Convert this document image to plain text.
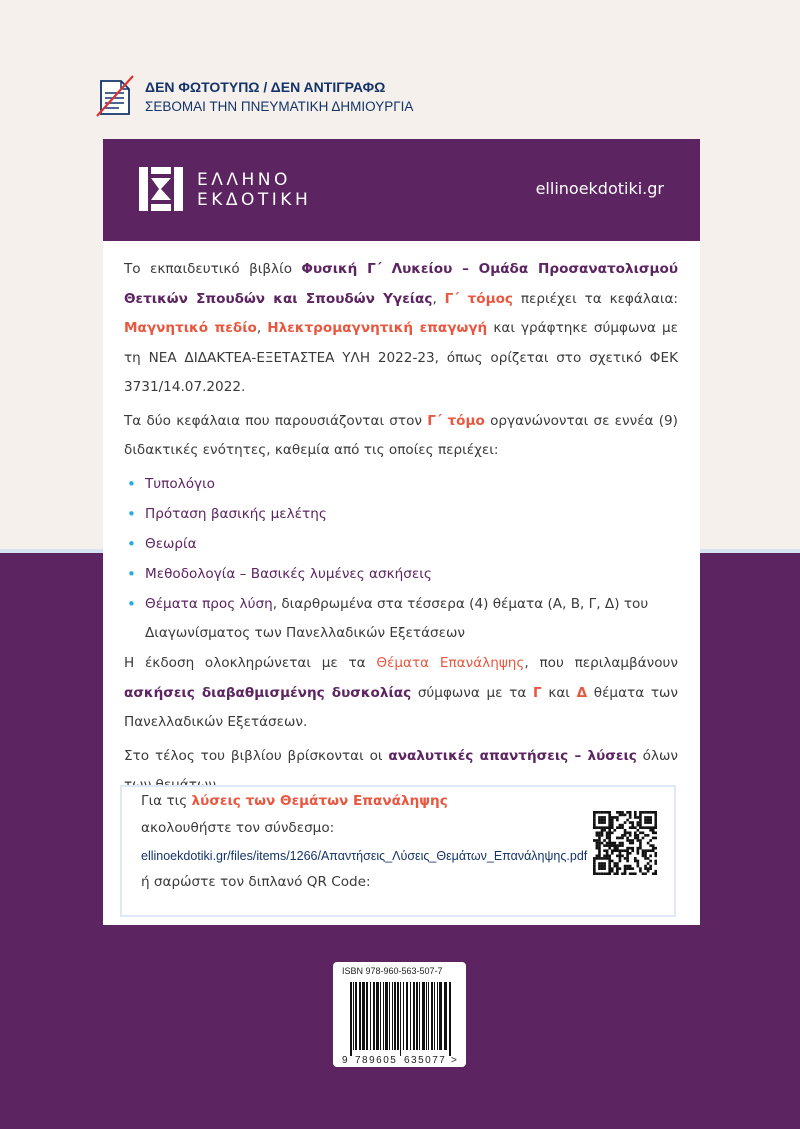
ΔΕΝ ΦΩΤΟΤΥΠΩ / ΔΕΝ ΑΝΤΙΓΡΑΦΩ
ΣΕΒΟΜΑΙ ΤΗΝ ΠΝΕΥΜΑΤΙΚΗ ΔΗΜΙΟΥΡΓΙΑ
ΕΛΛΗΝΟ
ΕΚΔΟΤΙΚΗ
ellinoekdotiki.gr

Το εκπαιδευτικό βιβλίο Φυσική Γ΄ Λυκείου – Ομάδα Προσανατολισμού Θετικών Σπουδών και Σπουδών Υγείας, Γ΄ τόμος περιέχει τα κεφάλαια: Μαγνητικό πεδίο, Ηλεκτρομαγνητική επαγωγή και γράφτηκε σύμφωνα με τη ΝΕΑ ΔΙΔΑΚΤΕΑ-ΕΞΕΤΑΣΤΕΑ ΥΛΗ 2022-23, όπως ορίζεται στο σχετικό ΦΕΚ 3731/14.07.2022.

Τα δύο κεφάλαια που παρουσιάζονται στον Γ΄ τόμο οργανώνονται σε εννέα (9) διδακτικές ενότητες, καθεμία από τις οποίες περιέχει:

• Τυπολόγιο
• Πρόταση βασικής μελέτης
• Θεωρία
• Μεθοδολογία – Βασικές λυμένες ασκήσεις
• Θέματα προς λύση, διαρθρωμένα στα τέσσερα (4) θέματα (Α, Β, Γ, Δ) του Διαγωνίσματος των Πανελλαδικών Εξετάσεων

Η έκδοση ολοκληρώνεται με τα Θέματα Επανάληψης, που περιλαμβάνουν ασκήσεις διαβαθμισμένης δυσκολίας σύμφωνα με τα Γ και Δ θέματα των Πανελλαδικών Εξετάσεων.

Στο τέλος του βιβλίου βρίσκονται οι αναλυτικές απαντήσεις – λύσεις όλων

Για τις λύσεις των Θεμάτων Επανάληψης
ακολουθήστε τον σύνδεσμο:
ellinoekdotiki.gr/files/items/1266/Απαντήσεις_Λύσεις_Θεμάτων_Επανάληψης.pdf
ή σαρώστε τον διπλανό QR Code:
ISBN 978-960-563-507-7
9 789605 635077 >
